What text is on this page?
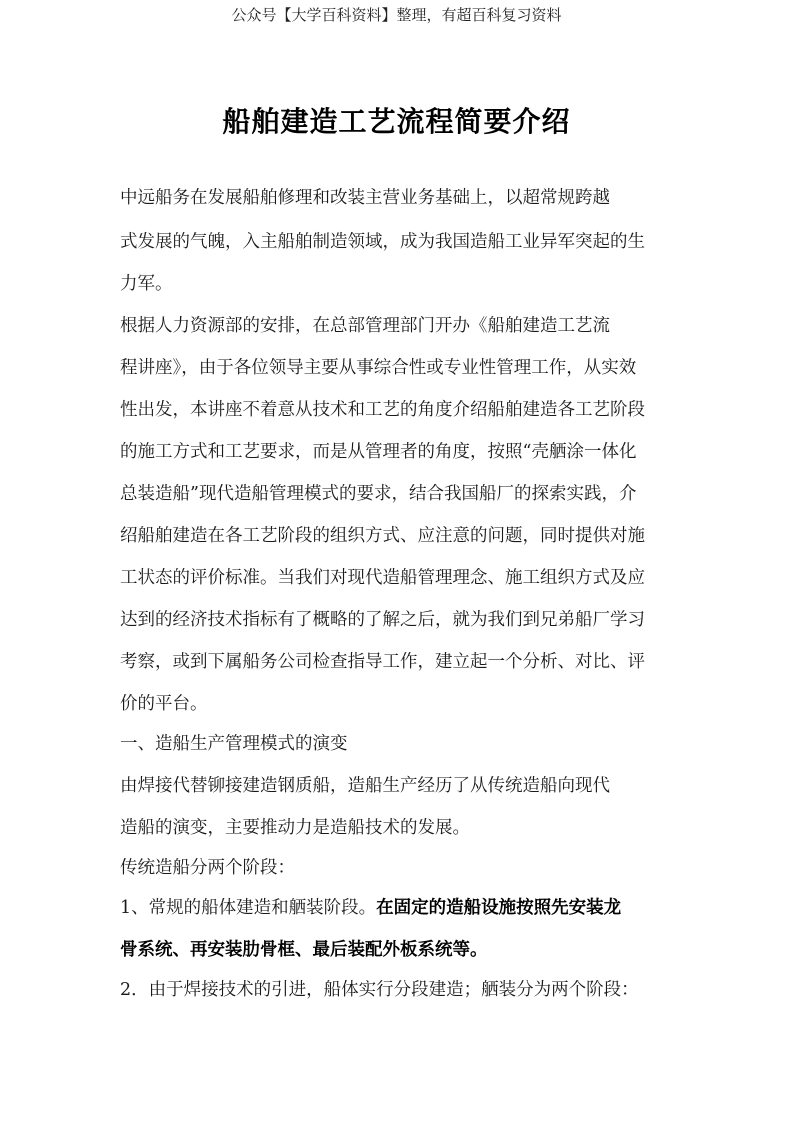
公众号【大学百科资料】整理，有超百科复习资料
船舶建造工艺流程简要介绍
中远船务在发展船舶修理和改装主营业务基础上，以超常规跨越
式发展的气魄，入主船舶制造领域，成为我国造船工业异军突起的生
力军。
根据人力资源部的安排，在总部管理部门开办《船舶建造工艺流
程讲座》，由于各位领导主要从事综合性或专业性管理工作，从实效
性出发，本讲座不着意从技术和工艺的角度介绍船舶建造各工艺阶段
的施工方式和工艺要求，而是从管理者的角度，按照“壳舾涂一体化
总装造船”现代造船管理模式的要求，结合我国船厂的探索实践，介
绍船舶建造在各工艺阶段的组织方式、应注意的问题，同时提供对施
工状态的评价标准。当我们对现代造船管理理念、施工组织方式及应
达到的经济技术指标有了概略的了解之后，就为我们到兄弟船厂学习
考察，或到下属船务公司检查指导工作，建立起一个分析、对比、评
价的平台。
一、造船生产管理模式的演变
由焊接代替铆接建造钢质船，造船生产经历了从传统造船向现代
造船的演变，主要推动力是造船技术的发展。
传统造船分两个阶段：
1、常规的船体建造和舾装阶段。在固定的造船设施按照先安装龙
骨系统、再安装肋骨框、最后装配外板系统等。
2．由于焊接技术的引进，船体实行分段建造；舾装分为两个阶段：
